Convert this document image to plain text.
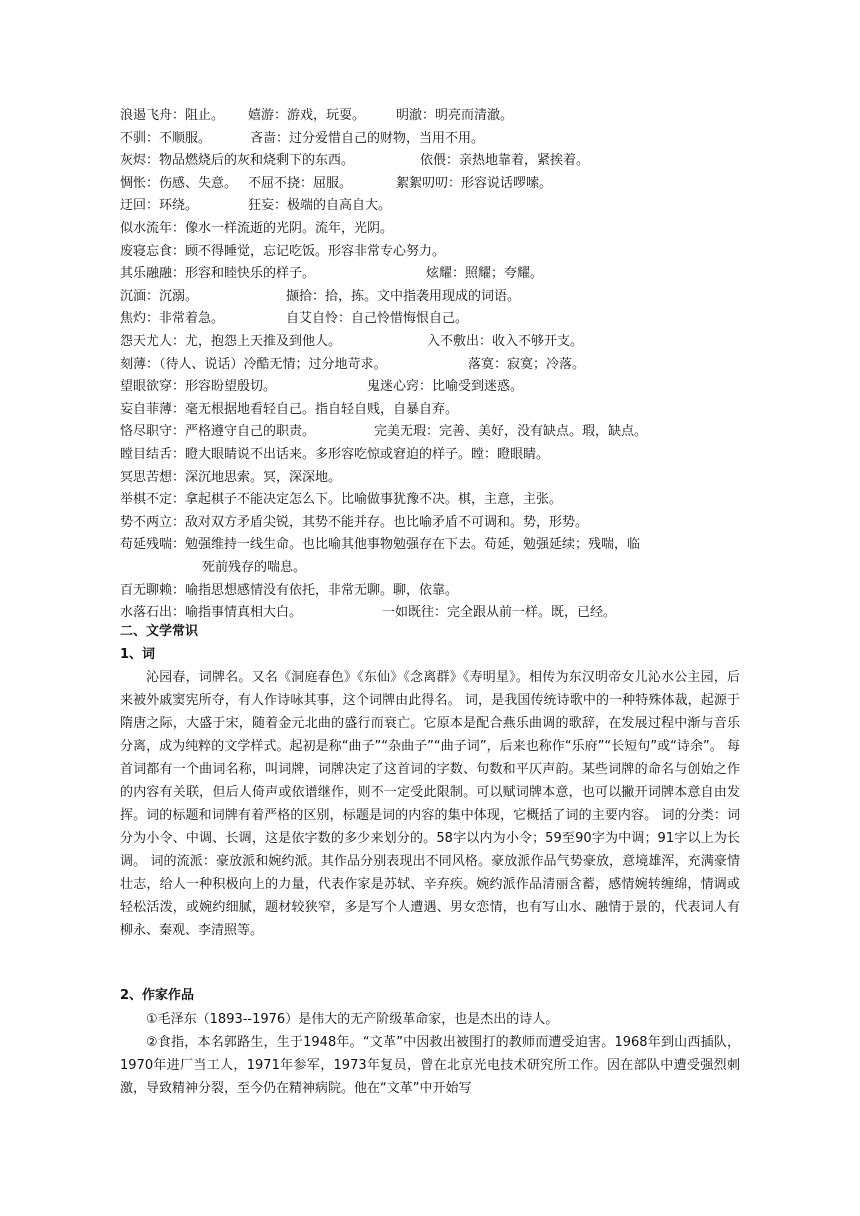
浪遏飞舟：阻止。 嬉游：游戏，玩耍。 明澈：明亮而清澈。
不驯：不顺服。	吝啬：过分爱惜自己的财物，当用不用。
灰烬：物品燃烧后的灰和烧剩下的东西。	依偎：亲热地靠着，紧挨着。
惆怅：伤感、失意。 不屈不挠：屈服。	絮絮叨叨：形容说话啰嗦。
迂回：环绕。	狂妄：极端的自高自大。
似水流年：像水一样流逝的光阴。流年，光阴。
废寝忘食：顾不得睡觉，忘记吃饭。形容非常专心努力。
其乐融融：形容和睦快乐的样子。	炫耀：照耀；夸耀。
沉湎：沉溺。	撷拾：拾，拣。文中指袭用现成的词语。
焦灼：非常着急。	自艾自怜：自己怜惜悔恨自己。
怨天尤人：尤，抱怨上天推及到他人。	入不敷出：收入不够开支。
刻薄：（待人、说话）冷酷无情；过分地苛求。	落寞：寂寞；冷落。
望眼欲穿：形容盼望殷切。	鬼迷心窍：比喻受到迷惑。
妄自菲薄：毫无根据地看轻自己。指自轻自贱，自暴自弃。
恪尽职守：严格遵守自己的职责。	完美无瑕：完善、美好，没有缺点。瑕，缺点。
瞠目结舌：瞪大眼睛说不出话来。多形容吃惊或窘迫的样子。瞠：瞪眼睛。
冥思苦想：深沉地思索。冥，深深地。
举棋不定：拿起棋子不能决定怎么下。比喻做事犹豫不决。棋，主意，主张。
势不两立：敌对双方矛盾尖锐，其势不能并存。也比喻矛盾不可调和。势，形势。
苟延残喘：勉强维持一线生命。也比喻其他事物勉强存在下去。苟延，勉强延续；残喘，临
死前残存的喘息。
百无聊赖：喻指思想感情没有依托，非常无聊。聊，依靠。
水落石出：喻指事情真相大白。	一如既往：完全跟从前一样。既，已经。
二、文学常识
1、词

沁园春，词牌名。又名《洞庭春色》《东仙》《念离群》《寿明星》。相传为东汉明帝女儿沁水公主园，后来被外戚窦宪所夺，有人作诗咏其事，这个词牌由此得名。 词，是我国传统诗歌中的一种特殊体裁，起源于隋唐之际，大盛于宋，随着金元北曲的盛行而衰亡。它原本是配合燕乐曲调的歌辞，在发展过程中渐与音乐分离，成为纯粹的文学样式。起初是称“曲子”“杂曲子”“曲子词”，后来也称作“乐府”“长短句”或“诗余”。 每首词都有一个曲词名称，叫词牌，词牌决定了这首词的字数、句数和平仄声韵。某些词牌的命名与创始之作的内容有关联，但后人倚声或依谱继作，则不一定受此限制。可以赋词牌本意，也可以撇开词牌本意自由发挥。词的标题和词牌有着严格的区别，标题是词的内容的集中体现，它概括了词的主要内容。 词的分类：词分为小令、中调、长调，这是依字数的多少来划分的。58字以内为小令；59至90字为中调；91字以上为长调。 词的流派：豪放派和婉约派。其作品分别表现出不同风格。豪放派作品气势豪放，意境雄浑，充满豪情壮志，给人一种积极向上的力量，代表作家是苏轼、辛弃疾。婉约派作品清丽含蓄，感情婉转缠绵，情调或轻松活泼，或婉约细腻，题材较狭窄，多是写个人遭遇、男女恋情，也有写山水、融情于景的，代表词人有柳永、秦观、李清照等。

2、作家作品

①毛泽东（1893--1976）是伟大的无产阶级革命家，也是杰出的诗人。

②食指，本名郭路生，生于1948年。“文革”中因救出被围打的教师而遭受迫害。1968年到山西插队，1970年进厂当工人，1971年参军，1973年复员，曾在北京光电技术研究所工作。因在部队中遭受强烈刺激，导致精神分裂，至今仍在精神病院。他在“文革”中开始写
